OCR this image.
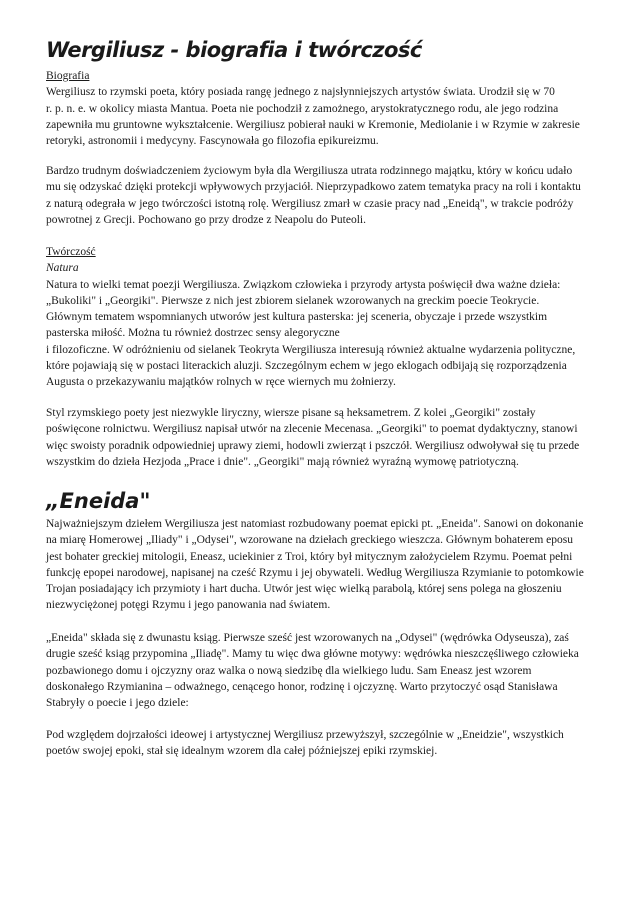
Wergiliusz - biografia i twórczość
Biografia

Wergiliusz to rzymski poeta, który posiada rangę jednego z najsłynniejszych artystów świata. Urodził się w 70
r. p. n. e. w okolicy miasta Mantua. Poeta nie pochodził z zamożnego, arystokratycznego rodu, ale jego rodzina
zapewniła mu gruntowne wykształcenie. Wergiliusz pobierał nauki w Kremonie, Mediolanie i w Rzymie w zakresie
retoryki, astronomii i medycyny. Fascynowała go filozofia epikureizmu.

Bardzo trudnym doświadczeniem życiowym była dla Wergiliusza utrata rodzinnego majątku, który w końcu udało
mu się odzyskać dzięki protekcji wpływowych przyjaciół. Nieprzypadkowo zatem tematyka pracy na roli i kontaktu
z naturą odegrała w jego twórczości istotną rolę. Wergiliusz zmarł w czasie pracy nad „Eneidą", w trakcie podróży
powrotnej z Grecji. Pochowano go przy drodze z Neapolu do Puteoli.
Twórczość
Natura

Natura to wielki temat poezji Wergiliusza. Związkom człowieka i przyrody artysta poświęcił dwa ważne dzieła:
„Bukoliki" i „Georgiki". Pierwsze z nich jest zbiorem sielanek wzorowanych na greckim poecie Teokrycie.
Głównym tematem wspomnianych utworów jest kultura pasterska: jej sceneria, obyczaje i przede wszystkim
pasterska miłość. Można tu również dostrzec sensy alegoryczne
i filozoficzne. W odróżnieniu od sielanek Teokryta Wergiliusza interesują również aktualne wydarzenia polityczne,
które pojawiają się w postaci literackich aluzji. Szczególnym echem w jego eklogach odbijają się rozporządzenia
Augusta o przekazywaniu majątków rolnych w ręce wiernych mu żołnierzy.

Styl rzymskiego poety jest niezwykle liryczny, wiersze pisane są heksametrem. Z kolei „Georgiki" zostały
poświęcone rolnictwu. Wergiliusz napisał utwór na zlecenie Mecenasa. „Georgiki" to poemat dydaktyczny, stanowi
więc swoisty poradnik odpowiedniej uprawy ziemi, hodowli zwierząt i pszczół. Wergiliusz odwoływał się tu przede
wszystkim do dzieła Hezjoda „Prace i dnie". „Georgiki" mają również wyraźną wymowę patriotyczną.
„Eneida"
Najważniejszym dziełem Wergiliusza jest natomiast rozbudowany poemat epicki pt. „Eneida". Sanowi on dokonanie
na miarę Homerowej „Iliady" i „Odysei", wzorowane na dziełach greckiego wieszcza. Głównym bohaterem eposu
jest bohater greckiej mitologii, Eneasz, uciekinier z Troi, który był mitycznym założycielem Rzymu. Poemat pełni
funkcję epopei narodowej, napisanej na cześć Rzymu i jej obywateli. Według Wergiliusza Rzymianie to potomkowie
Trojan posiadający ich przymioty i hart ducha. Utwór jest więc wielką parabolą, której sens polega na głoszeniu
niezwyciężonej potęgi Rzymu i jego panowania nad światem.
„Eneida" składa się z dwunastu ksiąg. Pierwsze sześć jest wzorowanych na „Odysei" (wędrówka Odyseusza), zaś
drugie sześć ksiąg przypomina „Iliadę". Mamy tu więc dwa główne motywy: wędrówka nieszczęśliwego człowieka
pozbawionego domu i ojczyzny oraz walka o nową siedzibę dla wielkiego ludu. Sam Eneasz jest wzorem
doskonałego Rzymianina – odważnego, cenącego honor, rodzinę i ojczyznę. Warto przytoczyć osąd Stanisława
Stabryły o poecie i jego dziele:
Pod względem dojrzałości ideowej i artystycznej Wergiliusz przewyższył, szczególnie w „Eneidzie", wszystkich
poetów swojej epoki, stał się idealnym wzorem dla całej późniejszej epiki rzymskiej.
